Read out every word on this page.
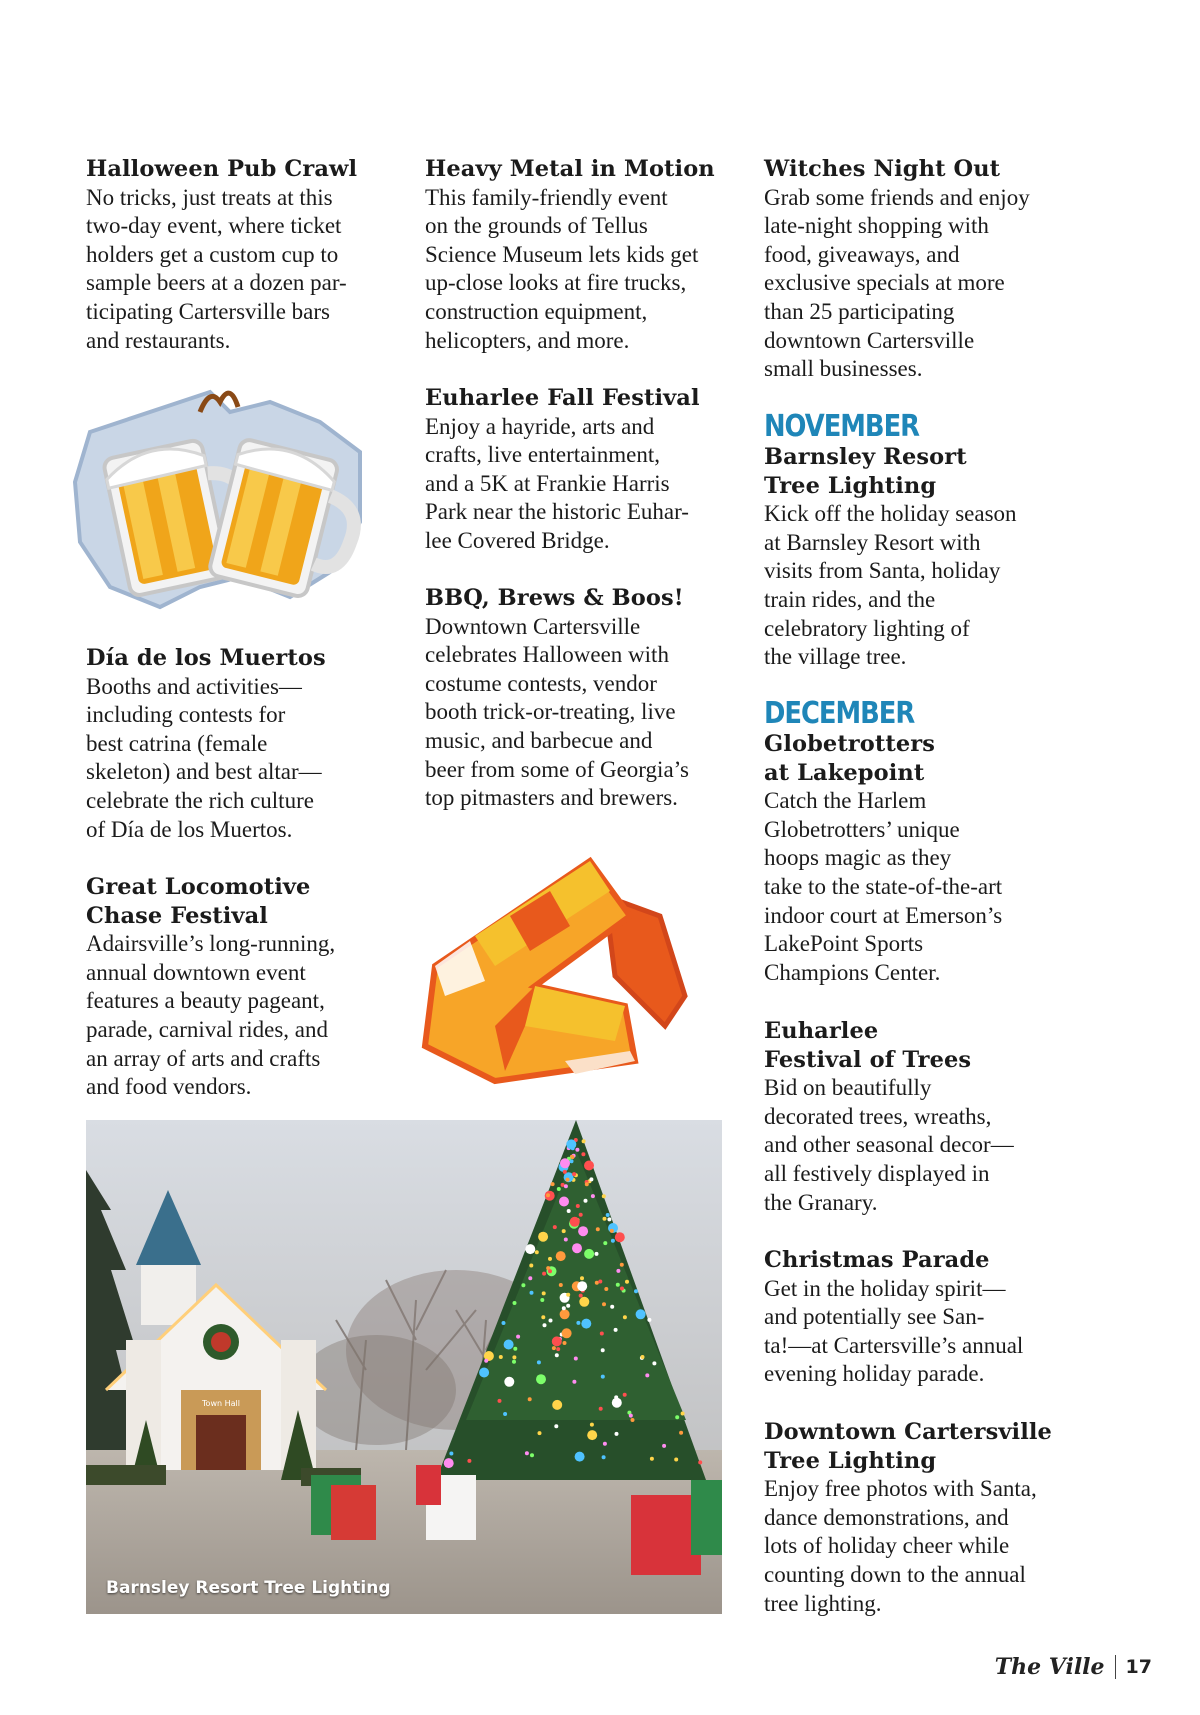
Halloween Pub Crawl

No tricks, just treats at this
two-day event, where ticket
holders get a custom cup to
sample beers at a dozen par-
ticipating Cartersville bars
and restaurants.

Día de los Muertos

Booths and activities—
including contests for
best catrina (female
skeleton) and best altar—
celebrate the rich culture
of Día de los Muertos.

Great Locomotive
Chase Festival

Adairsville’s long-running,
annual downtown event
features a beauty pageant,
parade, carnival rides, and
an array of arts and crafts
and food vendors.

Heavy Metal in Motion

This family-friendly event
on the grounds of Tellus
Science Museum lets kids get
up-close looks at fire trucks,
construction equipment,
helicopters, and more.

Euharlee Fall Festival

Enjoy a hayride, arts and
crafts, live entertainment,
and a 5K at Frankie Harris
Park near the historic Euhar-
lee Covered Bridge.

BBQ, Brews & Boos!

Downtown Cartersville
celebrates Halloween with
costume contests, vendor
booth trick-or-treating, live
music, and barbecue and
beer from some of Georgia’s
top pitmasters and brewers.

Witches Night Out

Grab some friends and enjoy
late-night shopping with
food, giveaways, and
exclusive specials at more
than 25 participating
downtown Cartersville
small businesses.

NOVEMBER
Barnsley Resort
Tree Lighting

Kick off the holiday season
at Barnsley Resort with
visits from Santa, holiday
train rides, and the
celebratory lighting of
the village tree.

DECEMBER
Globetrotters
at Lakepoint

Catch the Harlem
Globetrotters’ unique
hoops magic as they
take to the state-of-the-art
indoor court at Emerson’s
LakePoint Sports
Champions Center.

Euharlee
Festival of Trees

Bid on beautifully
decorated trees, wreaths,
and other seasonal decor—
all festively displayed in
the Granary.

Christmas Parade

Get in the holiday spirit—
and potentially see San-
ta!—at Cartersville’s annual
evening holiday parade.

Downtown Cartersville
Tree Lighting

Enjoy free photos with Santa,
dance demonstrations, and
lots of holiday cheer while
counting down to the annual
tree lighting.

Town Hall
Barnsley Resort Tree Lighting
The Ville 17
